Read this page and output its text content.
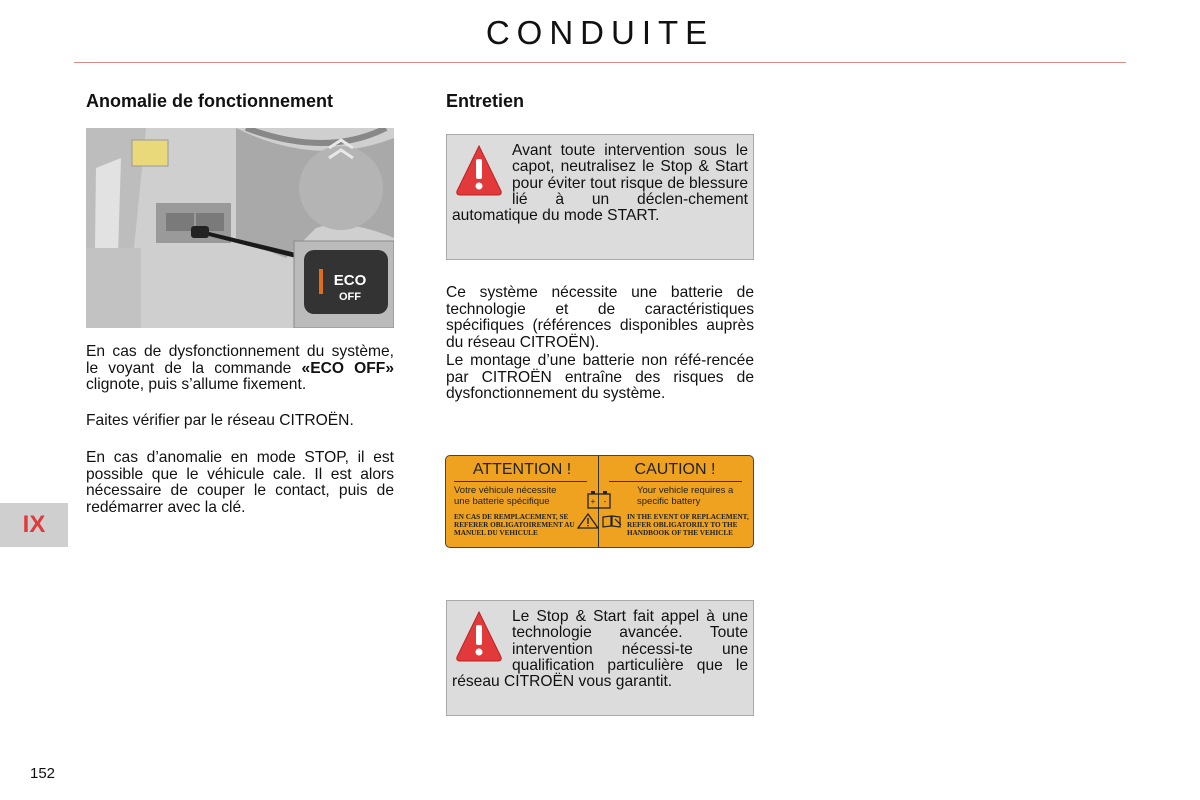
CONDUITE
IX
152
Anomalie de fonctionnement
ECO
OFF

En cas de dysfonctionnement du système, le voyant de la commande «ECO OFF» clignote, puis s’allume fixement.

Faites vérifier par le réseau CITROËN.

En cas d’anomalie en mode STOP, il est possible que le véhicule cale. Il est alors nécessaire de couper le contact, puis de redémarrer avec la clé.

Entretien
Avant toute intervention sous le capot, neutralisez le Stop & Start pour éviter tout risque de blessure lié à un déclen-chement automatique du mode START.

Ce système nécessite une batterie de technologie et de caractéristiques spécifiques (références disponibles auprès du réseau CITROËN).

Le montage d’une batterie non réfé-rencée par CITROËN entraîne des risques de dysfonctionnement du système.

ATTENTION !
Votre véhicule nécessite une batterie spécifique
EN CAS DE REMPLACEMENT, SE REFERER OBLIGATOIREMENT AU MANUEL DU VEHICULE
CAUTION !
Your vehicle requires a specific battery
IN THE EVENT OF REPLACEMENT, REFER OBLIGATORILY TO THE HANDBOOK OF THE VEHICLE
+ -
Le Stop & Start fait appel à une technologie avancée. Toute intervention nécessi-te une qualification particulière que le réseau CITROËN vous garantit.
